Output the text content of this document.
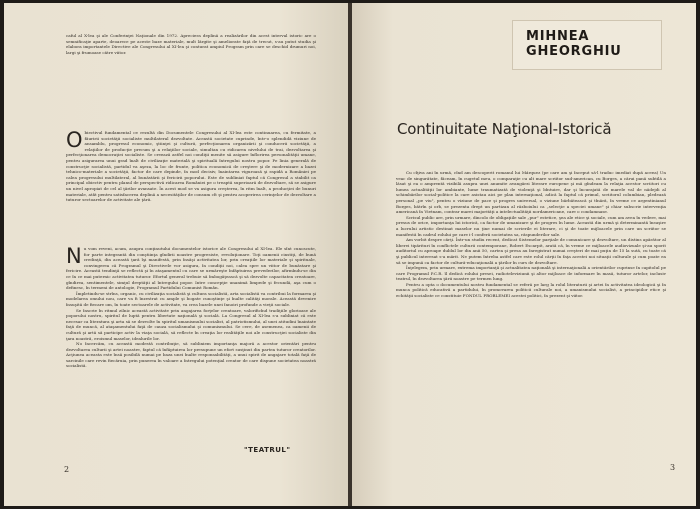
caful al X-lea şi ale Conferinţei Naţionale din 1972. Apreciera deplină a realizărilor din acest interval istoric are o semnificaţie aparte, deoarece pe aceste baze materiale, mult lărgite şi ameliorate faţă de trecut, s-au putut studia şi elabora importantele Directive ale Congresului al XI-lea şi conturat ampiul Program prin care se deschid drumuri noi, largi şi frumoase către viitor.

O biectivul fundamental ce rezultă din Documentele Congresului al XI-lea este continuarea, cu fermitate, a făuririi societăţii socialiste multilateral dezvoltate. Această societate cuprinde, într-o splendidă viziune de ansamblu, progresul economic, ştiinţei şi culturii, perfecţionarea organizării şi conducerii societăţii, a relaţiilor de producţie precum şi a relaţiilor sociale, simultan cu ridicarea nivelului de trai, dezvoltarea şi perfecţionarea democraţiei socialiste. Se creează astfel noi condiţii menite să asigure înflorirea personalităţii umane, pentru asigurarea unui grad înalt de civilizaţie materială şi spirituală întregului nostru popor. Pe linia generală de construcţie socialistă, partidul va aşeza, la loc de frunte, politica economică de creştere şi de modernizare a bazei tehnico-materiale a societăţii, factor de care depinde, în mod decisiv, înaintarea viguroasă şi rapidă a României pe calea progresului multilateral, al bunăstării şi fericirii poporului. Este de subliniat faptul că Congresul a stabilit ca principal obiectiv pentru planul de perspectivă ridicarea României pe o treaptă superioară de dezvoltare, să se asigure un nivel apropiat de cel al ţărilor avansate. În acest mod se va asigura creşterea, în ritm înalt, a producţiei de bunuri materiale, atât pentru satisfacerea deplină a necesităţilor de consum cît şi pentru acoperirea cerinţelor de dezvoltare a tuturor sectoarelor de activitate ale ţării.
N u vom reveni, acum, asupra conţinutului documentelor istorice ale Congresului al XI-lea. Ele sînt cunoscute, for parte integrantă din conştiinţa gîndirii noastre progresiste, revoluţionare. Toţi oamenii cinstiţi, de bună credinţă, din această ţară îşi manifestă, prin însăşi activitatea lor, prin creaţiile lor materiale şi spirituale, convingerea că Programul şi Directivele vor asigura, în condiţii noi, calea spre un viitor de bunăstare şi fericire. Această tendinţă se reflectă şi în ataşamentul cu care se urmăreşte înfăptuirea prevederilor, afirmîndu-se din ce în ce mai puternic activitatea tuturor. Efortul general trebuie să îmbogăţească şi să dezvolte capacitatea creatoare, gîndirea, sentimentele, simţul dreptăţii al întregului popor. Intre concepţie unanimă limpede şi fecundă, aşa cum o definesc, în termeni de antologie, Programul Partidului Comunist Român.

Împletindu-se strîns, organic, cu civilizaţia socialistă şi cultura socialistă, arta socialistă va contribui la formarea şi modelarea omului nou, care va fi înzestrat cu ample şi bogate cunoştinţe şi înalte calităţi morale. Această devenire însuşită de fiecare om, în toate sectoarele de activitate, va crea bazele unei înnoiri profunde a vieţii sociale.

Se înscrie în ritmul zilnic această activitate prin angajarea forţelor creatoare, valorificînd tradiţiile glorioase ale poporului nostru, spiritul de luptă pentru libertate naţională şi socială. La Congresul al XI-lea s-a subliniat că este necesar ca literatura şi arta să se dezvolte în spiritul umanismului socialist, al patriotismului, al unei atitudini înaintate faţă de muncă, al ataşamentului faţă de cauza socialismului şi comunismului. Se cere, de asemenea, ca oamenii de cultură şi artă să participe activ la viaţa socială, să reflecte în creaţia lor realităţile noi ale construcţiei socialiste din ţara noastră, eroismul maselor, idealurile lor.

No încercăm, cu această modestă contribuţie, să subliniem importanţa majoră a acestor orientări pentru dezvoltarea culturii şi artei noastre, faptul că înfăptuirea lor presupune un efort susţinut din partea tuturor creatorilor. Acţiunea aceasta este însă posibilă numai pe baza unei înalte responsabilităţi, a unui spirit de angajare totală faţă de sarcinile care revin fiecăruia, prin punerea în valoare a întregului potenţial creator de care dispune societatea noastră socialistă.

2
"TEATRUL"

MIHNEA
GHEORGHIU

Continuitate Naţional-Istorică

Cu cîţiva ani în urmă, cînd am descoperit romanul lui Márquez (pe care am şi început să-l traduc imediat după aceea) Un veac de singurătate, făceam, în cugetul meu, o comparaţie cu alt mare scriitor sud-american, cu Borges, a cărui pană subtilă a lăsat şi ea o amprentă vizibilă asupra unei anumite avangărzi literare europene şi mă gîndeam la relaţia acestor scriitori cu lumea actualităţii lor ambiante, lume traumatizată de violenţă şi bîntuire, dar şi încurajată de marele val de nădejdi al schimbărilor social-politice la care asistau aici pe plan internaţional, adică la faptul că primul, scriitorul columbian, pledează personal „pe viu", pentru o viziune de pace şi progres universal, o viziune bărbătească şi tînără, în vreme ce argentinianul Borges, bătrîn şi orb, se prezenta drept un partizan al războiului ca „selecţie a speciei umane" şi chiar subscrie intervenţia americană în Vietnam, contrar marei majorităţi a intelectualităţii nordamericane, care o condamnase.

Scrisul public are, prin urmare, dincolo de obligaţiile sale „pur" estetice, şea ale etice şi sociale, cum am avea în vedere, mai presus de orice, importanţa lui istorică, ca factor de umanizare şi de progres în lume. Această din urmă şi determinantă însuşire a lucrului artistic destinat maselor nu ţine numai de scrierile ei literare, ci şi de toate mijloacele prin care un scriitor se manifestă în cadrul rolului pe care i-l conferă societatea sa, răspunderilor sale.

Am vorbit despre cărţi. Într-un studiu recent, dedicat Sistemelor parţiale de comunicare şi dezvoltare, un distins apărător al liberei tipărituri în conflictele culturii contemporane, Robert Escarpit, arată că, în vreme ce mijloacele audiovizuale şi-au sporit auditoriul cu aproape dublul lor din anii 50, cartea şi presa au înregistrat numai creşteri de mai puţin de 15 la sută, cu toate că şi publicul interesat s-a mărit. Ne putem întreba astfel care este rolul cărţii în faţa acestei noi situaţii culturale şi cum poate ea să se impună ca factor de cultură-educaţională a ţărilor în curs de dezvoltare.

Înţelegem, prin urmare, extrema importanţă şi actualitatea naţională şi internaţională a orientărilor cuprinse în capitolul pe care Programul P.C.R. îl dedică rolului presei, radioteleviziunii şi altor mijloace de informare în masă, tuturor artelor, inclusiv teatrul, în dezvoltarea ţării noastre pe termen lung.

Pentru a opta o documentului nostru fundamental se referă pe larg la rolul literaturii şi artei în activitatea ideologică şi în munca politică educativă a partidului, în promovarea politicii culturale noi, a umanismului socialist, a principiilor etice şi echităţii socialiste ce constituie FONDUL PROBLEMEI acestei politici, în prezent şi viitor.

3
